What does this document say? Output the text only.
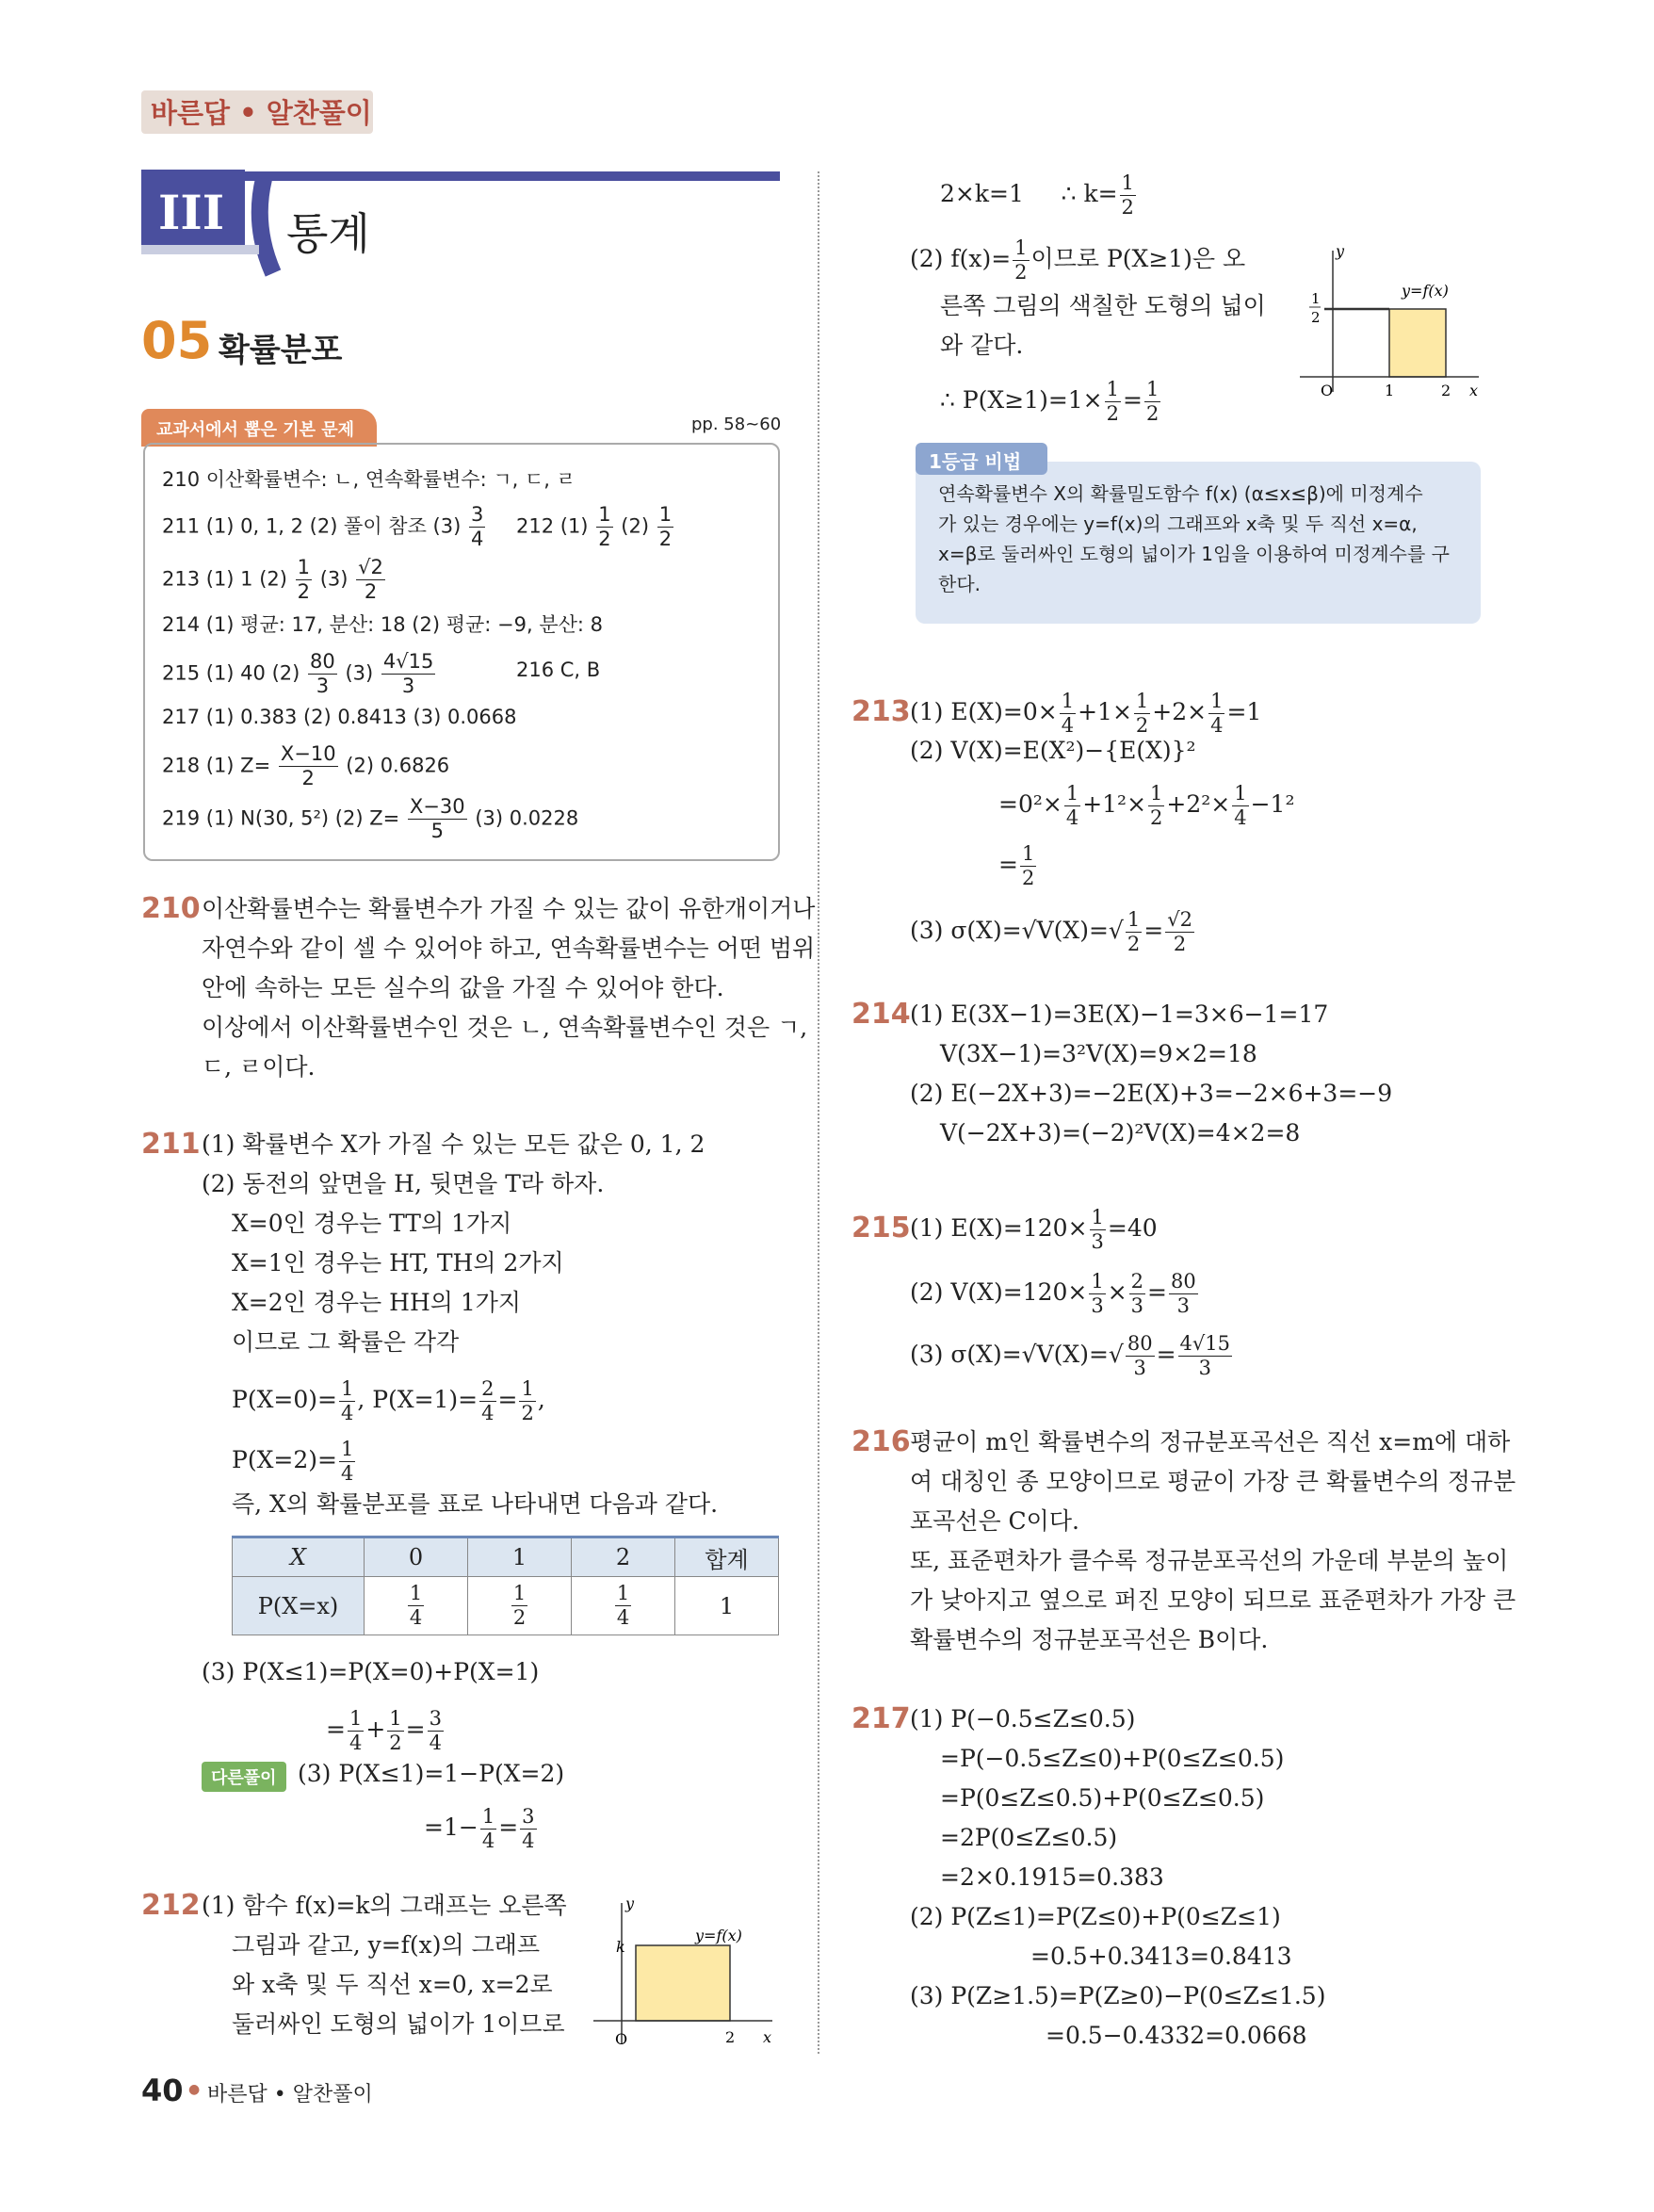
바른답 • 알찬풀이
III 통계
05 확률분포
교과서에서 뽑은 기본 문제	pp. 58~60
210 이산확률변수: ㄴ, 연속확률변수: ㄱ, ㄷ, ㄹ
211 (1) 0, 1, 2 (2) 풀이 참조 $(3) \frac{3}{4} 212$ $(1) \frac{1}{2} (2) \frac{1}{2}$
213 (1) 1 $(2) \frac{1}{2} (3) \frac{√2}{2}$
214 (1) 평균: 17, 분산: 18 (2) 평균: −9, 분산: 8
215 (1) 40 $(2) \frac{80}{3} (3) \frac{4√15}{3}$	216 C, B
217 (1) 0.383 (2) 0.8413 (3) 0.0668
218 (1) $Z= \frac{X-10}{2} (2)$ 0.6826
219 (1) N(30, 5²) (2) $Z= \frac{X-30}{5} (3)$ 0.0228
210 이산확률변수는 확률변수가 가질 수 있는 값이 유한개이거나
자연수와 같이 셀 수 있어야 하고, 연속확률변수는 어떤 범위
안에 속하는 모든 실수의 값을 가질 수 있어야 한다.
이상에서 이산확률변수인 것은 ㄴ, 연속확률변수인 것은 ㄱ,
ㄷ, ㄹ이다.
211 (1) 확률변수 X가 가질 수 있는 모든 값은 0, 1, 2
(2) 동전의 앞면을 H, 뒷면을 T라 하자.
X=0인 경우는 TT의 1가지
X=1인 경우는 HT, TH의 2가지
X=2인 경우는 HH의 1가지
이므로 그 확률은 각각
$P(X=0)= \frac{1}{4}$ , $P(X=1)= \frac{2}{4} = \frac{1}{2}$ ,
$P(X=2)= \frac{1}{4}$
즉, X의 확률분포를 표로 나타내면 다음과 같다.
X	0	1	2	합계
P(X=x)	$\frac{1}{4}$	$\frac{1}{2}$	$\frac{1}{4}$	1
(3) P(X≤1)=P(X=0)+P(X=1)
= $\frac{1}{4} + \frac{1}{2} = \frac{3}{4}$
다른풀이 (3) P(X≤1)=1−P(X=2)
$=1- \frac{1}{4} = \frac{3}{4}$
212 (1) 함수 f(x)=k의 그래프는 오른쪽
그림과 같고, y=f(x)의 그래프
와 x축 및 두 직선 x=0, x=2로
둘러싸인 도형의 넓이가 1이므로
y
x
O	2
k
y=f(x)
2×k=1 ∴ $k= \frac{1}{2}$
(2) $f(x)= \frac{1}{2}$ 이므로 P(X≥1)은 오
른쪽 그림의 색칠한 도형의 넓이
와 같다.
∴ $P(X\ge 1)=1\times \frac{1}{2} = \frac{1}{2}$
y
x
O	1	2
1
2
y=f(x)
1등급 비법
연속확률변수 X의 확률밀도함수 f(x) (α≤x≤β)에 미정계수
가 있는 경우에는 y=f(x)의 그래프와 x축 및 두 직선 x=α,
x=β로 둘러싸인 도형의 넓이가 1임을 이용하여 미정계수를 구
한다.
213 (1) $E(X)=0\times \frac{1}{4} +1\times \frac{1}{2} +2\times \frac{1}{4} =1$
(2) V(X)=E(X²)−{E(X)}²
$=0^2\times \frac{1}{4} +1^2\times \frac{1}{2} +2^2\times \frac{1}{4} -1^2$
= $\frac{1}{2}$
(3) $\sigma(X)=√V(X)=√ \frac{1}{2} = \frac{√2}{2}$
214 (1) E(3X−1)=3E(X)−1=3×6−1=17
V(3X−1)=3²V(X)=9×2=18
(2) E(−2X+3)=−2E(X)+3=−2×6+3=−9
V(−2X+3)=(−2)²V(X)=4×2=8
215 (1) $E(X)=120\times \frac{1}{3} =40$
(2) $V(X)=120\times \frac{1}{3} \times \frac{2}{3} = \frac{80}{3}$
(3) $\sigma(X)=√V(X)=√ \frac{80}{3} = \frac{4√15}{3}$
216 평균이 m인 확률변수의 정규분포곡선은 직선 x=m에 대하
여 대칭인 종 모양이므로 평균이 가장 큰 확률변수의 정규분
포곡선은 C이다.
또, 표준편차가 클수록 정규분포곡선의 가운데 부분의 높이
가 낮아지고 옆으로 퍼진 모양이 되므로 표준편차가 가장 큰
확률변수의 정규분포곡선은 B이다.
217 (1) P(−0.5≤Z≤0.5)
=P(−0.5≤Z≤0)+P(0≤Z≤0.5)
=P(0≤Z≤0.5)+P(0≤Z≤0.5)
=2P(0≤Z≤0.5)
=2×0.1915=0.383
(2) P(Z≤1)=P(Z≤0)+P(0≤Z≤1)
=0.5+0.3413=0.8413
(3) P(Z≥1.5)=P(Z≥0)−P(0≤Z≤1.5)
=0.5−0.4332=0.0668
40 ● 바른답 • 알찬풀이
